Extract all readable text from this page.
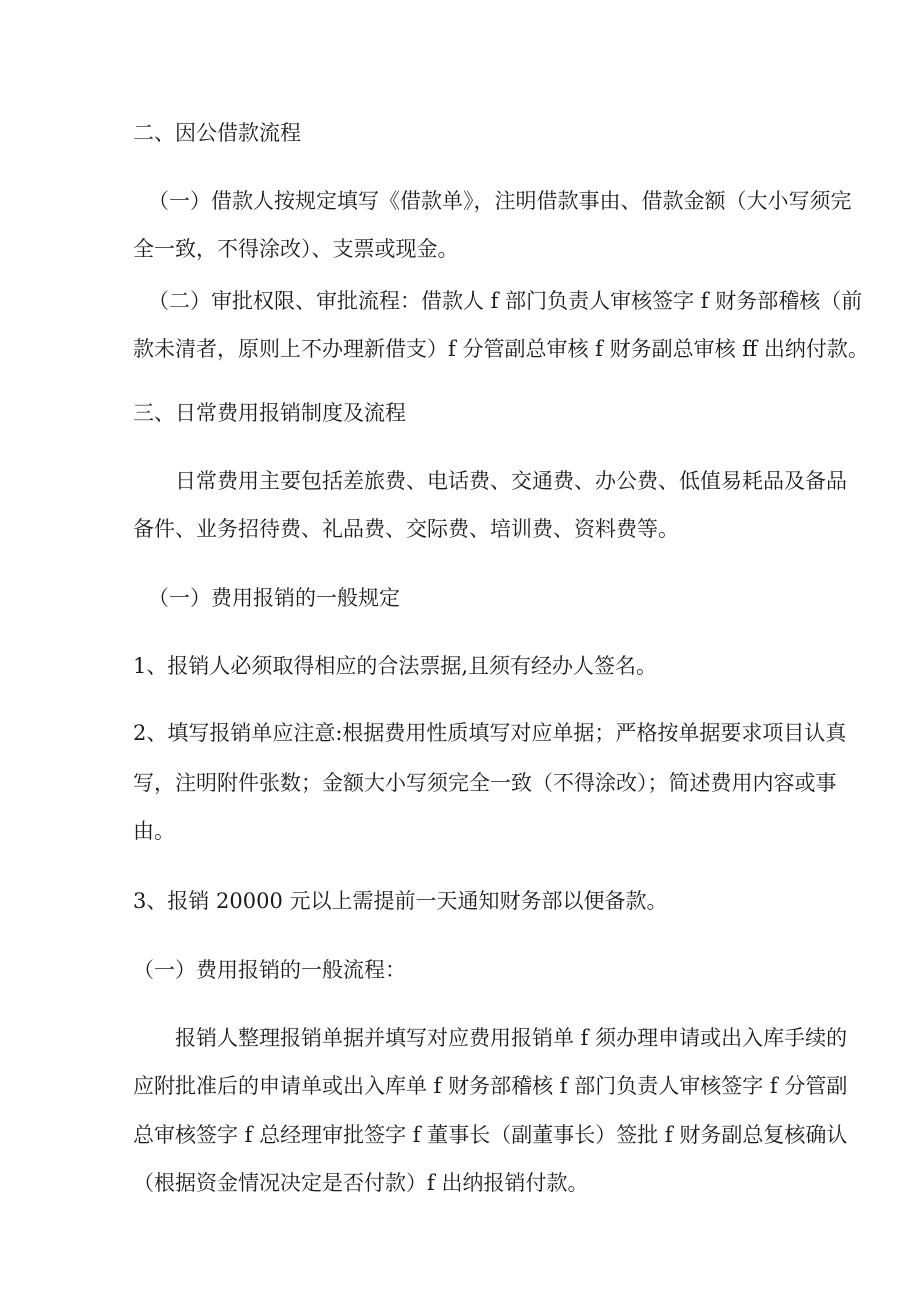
二、因公借款流程
（一）借款人按规定填写《借款单》，注明借款事由、借款金额（大小写须完
全一致，不得涂改）、支票或现金。
（二）审批权限、审批流程：借款人 f 部门负责人审核签字 f 财务部稽核（前
款未清者，原则上不办理新借支）f 分管副总审核 f 财务副总审核 ff 出纳付款。
三、日常费用报销制度及流程
日常费用主要包括差旅费、电话费、交通费、办公费、低值易耗品及备品
备件、业务招待费、礼品费、交际费、培训费、资料费等。
（一）费用报销的一般规定
1、报销人必须取得相应的合法票据,且须有经办人签名。
2、填写报销单应注意:根据费用性质填写对应单据；严格按单据要求项目认真
写，注明附件张数；金额大小写须完全一致（不得涂改）；简述费用内容或事
由。
3、报销 20000 元以上需提前一天通知财务部以便备款。
（一）费用报销的一般流程：
报销人整理报销单据并填写对应费用报销单 f 须办理申请或出入库手续的
应附批准后的申请单或出入库单 f 财务部稽核 f 部门负责人审核签字 f 分管副
总审核签字 f 总经理审批签字 f 董事长（副董事长）签批 f 财务副总复核确认
（根据资金情况决定是否付款）f 出纳报销付款。
